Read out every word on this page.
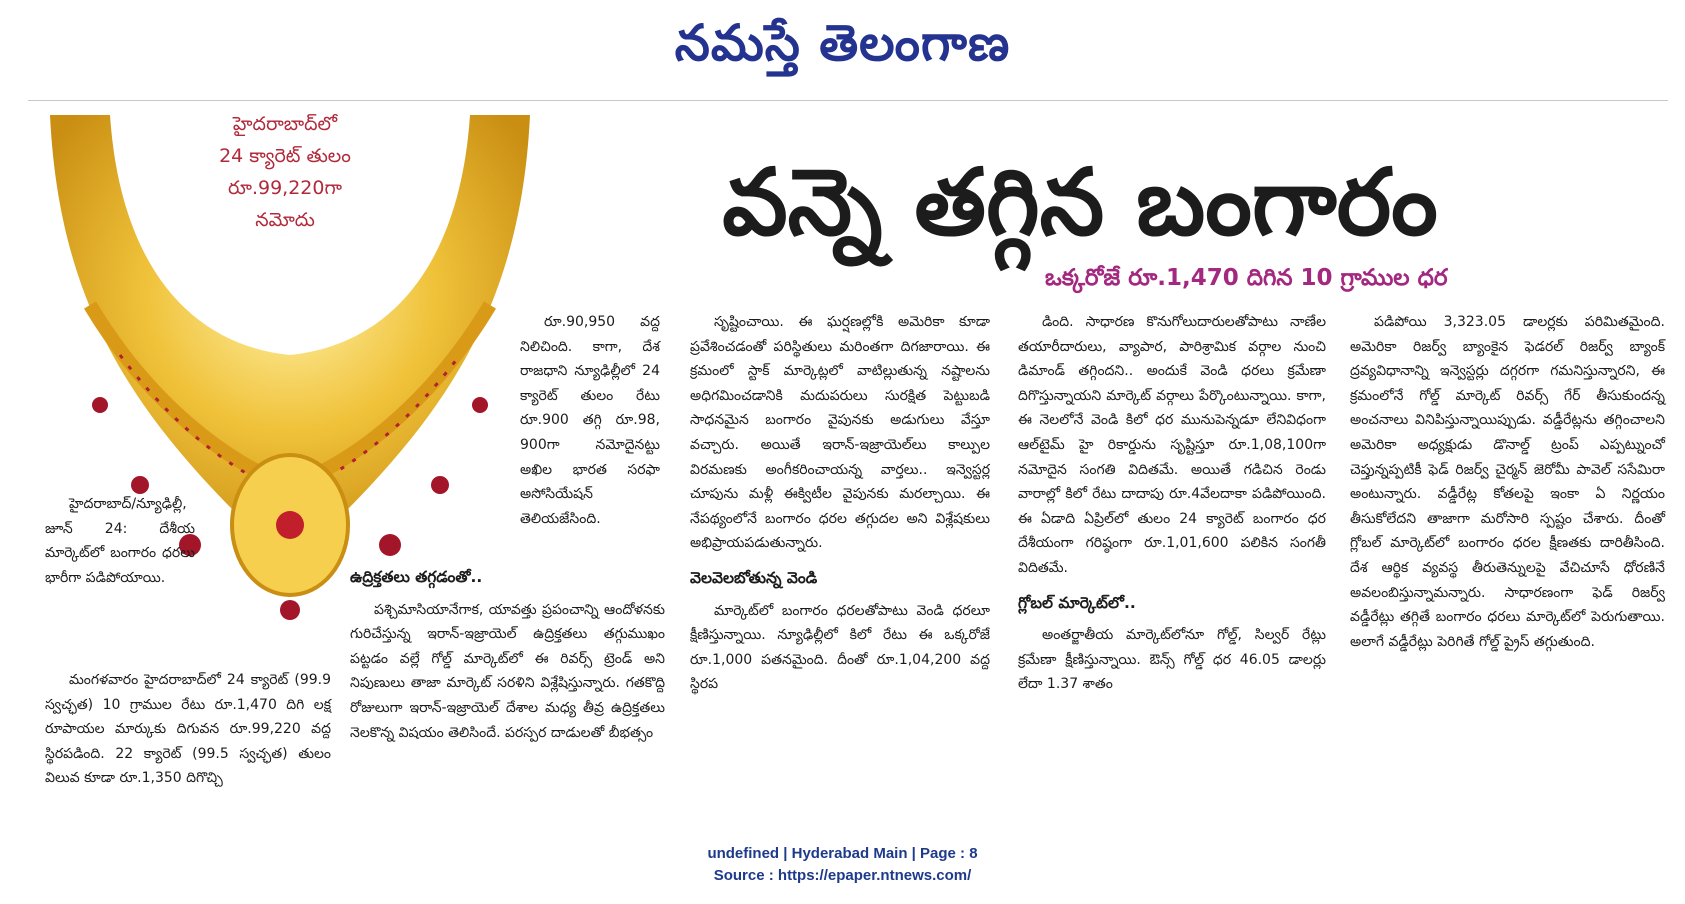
నమస్తే తెలంగాణ
హైదరాబాద్‌లో
24 క్యారెట్ తులం
రూ.99,220గా
నమోదు	వన్నె తగ్గిన బంగారం
ఒక్కరోజే రూ.1,470 దిగిన 10 గ్రాముల ధర

రూ.90,950 వద్ద నిలిచింది. కాగా, దేశ రాజధాని న్యూఢిల్లీలో 24 క్యారెట్ తులం రేటు రూ.900 తగ్గి రూ.98, 900గా నమోదైనట్టు అఖిల భారత సరఫా అసోసియేషన్ తెలియజేసింది.

హైదరాబాద్/న్యూఢిల్లీ, జూన్ 24: దేశీయ మార్కెట్‌లో బంగారం ధరలు భారీగా పడిపోయాయి.

మంగళవారం హైదరాబాద్‌లో 24 క్యారెట్ (99.9 స్వచ్ఛత) 10 గ్రాముల రేటు రూ.1,470 దిగి లక్ష రూపాయల మార్కుకు దిగువన రూ.99,220 వద్ద స్థిరపడింది. 22 క్యారెట్ (99.5 స్వచ్ఛత) తులం విలువ కూడా రూ.1,350 దిగొచ్చి

ఉద్రిక్తతలు తగ్గడంతో..

పశ్చిమాసియానేగాక, యావత్తు ప్రపంచాన్ని ఆందోళనకు గురిచేస్తున్న ఇరాన్-ఇజ్రాయెల్ ఉద్రిక్తతలు తగ్గుముఖం పట్టడం వల్లే గోల్డ్ మార్కెట్‌లో ఈ రివర్స్ ట్రెండ్ అని నిపుణులు తాజా మార్కెట్ సరళిని విశ్లేషిస్తున్నారు. గతకొద్ది రోజులుగా ఇరాన్-ఇజ్రాయెల్ దేశాల మధ్య తీవ్ర ఉద్రిక్తతలు నెలకొన్న విషయం తెలిసిందే. పరస్పర దాడులతో బీభత్సం

సృష్టించాయి. ఈ ఘర్షణల్లోకి అమెరికా కూడా ప్రవేశించడంతో పరిస్థితులు మరింతగా దిగజారాయి. ఈ క్రమంలో స్టాక్ మార్కెట్లలో వాటిల్లుతున్న నష్టాలను అధిగమించడానికి మదుపరులు సురక్షిత పెట్టుబడి సాధనమైన బంగారం వైపునకు అడుగులు వేస్తూ వచ్చారు. అయితే ఇరాన్-ఇజ్రాయెల్‌లు కాల్పుల విరమణకు అంగీకరించాయన్న వార్తలు.. ఇన్వెస్టర్ల చూపును మళ్లీ ఈక్విటీల వైపునకు మరల్చాయి. ఈ నేపథ్యంలోనే బంగారం ధరల తగ్గుదల అని విశ్లేషకులు అభిప్రాయపడుతున్నారు.

వెలవెలబోతున్న వెండి

మార్కెట్‌లో బంగారం ధరలతోపాటు వెండి ధరలూ క్షీణిస్తున్నాయి. న్యూఢిల్లీలో కిలో రేటు ఈ ఒక్కరోజే రూ.1,000 పతనమైంది. దీంతో రూ.1,04,200 వద్ద స్థిరప

డింది. సాధారణ కొనుగోలుదారులతోపాటు నాణేల తయారీదారులు, వ్యాపార, పారిశ్రామిక వర్గాల నుంచి డిమాండ్ తగ్గిందని.. అందుకే వెండి ధరలు క్రమేణా దిగొస్తున్నాయని మార్కెట్ వర్గాలు పేర్కొంటున్నాయి. కాగా, ఈ నెలలోనే వెండి కిలో ధర మునుపెన్నడూ లేనివిధంగా ఆల్‌టైమ్ హై రికార్డును సృష్టిస్తూ రూ.1,08,100గా నమోదైన సంగతి విదితమే. అయితే గడిచిన రెండు వారాల్లో కిలో రేటు దాదాపు రూ.4వేలదాకా పడిపోయింది. ఈ ఏడాది ఏప్రిల్‌లో తులం 24 క్యారెట్ బంగారం ధర దేశీయంగా గరిష్ఠంగా రూ.1,01,600 పలికిన సంగతీ విదితమే.

గ్లోబల్ మార్కెట్‌లో..

అంతర్జాతీయ మార్కెట్‌లోనూ గోల్డ్, సిల్వర్ రేట్లు క్రమేణా క్షీణిస్తున్నాయి. ఔన్స్ గోల్డ్ ధర 46.05 డాలర్లు లేదా 1.37 శాతం

పడిపోయి 3,323.05 డాలర్లకు పరిమితమైంది. అమెరికా రిజర్వ్ బ్యాంకైన ఫెడరల్ రిజర్వ్ బ్యాంక్ ద్రవ్యవిధానాన్ని ఇన్వెస్టర్లు దగ్గరగా గమనిస్తున్నారని, ఈ క్రమంలోనే గోల్డ్ మార్కెట్ రివర్స్ గేర్ తీసుకుందన్న అంచనాలు వినిపిస్తున్నాయిప్పుడు. వడ్డీరేట్లను తగ్గించాలని అమెరికా అధ్యక్షుడు డొనాల్డ్ ట్రంప్ ఎప్పట్నుంచో చెప్తున్నప్పటికీ ఫెడ్ రిజర్వ్ చైర్మన్ జెరోమీ పావెల్ ససేమిరా అంటున్నారు. వడ్డీరేట్ల కోతలపై ఇంకా ఏ నిర్ణయం తీసుకోలేదని తాజాగా మరోసారి స్పష్టం చేశారు. దీంతో గ్లోబల్ మార్కెట్‌లో బంగారం ధరల క్షీణతకు దారితీసింది. దేశ ఆర్థిక వ్యవస్థ తీరుతెన్నులపై వేచిచూసే ధోరణినే అవలంబిస్తున్నామన్నారు. సాధారణంగా ఫెడ్ రిజర్వ్ వడ్డీరేట్లు తగ్గితే బంగారం ధరలు మార్కెట్‌లో పెరుగుతాయి. అలాగే వడ్డీరేట్లు పెరిగితే గోల్డ్ ప్రైస్ తగ్గుతుంది.

undefined | Hyderabad Main | Page : 8
Source : https://epaper.ntnews.com/
